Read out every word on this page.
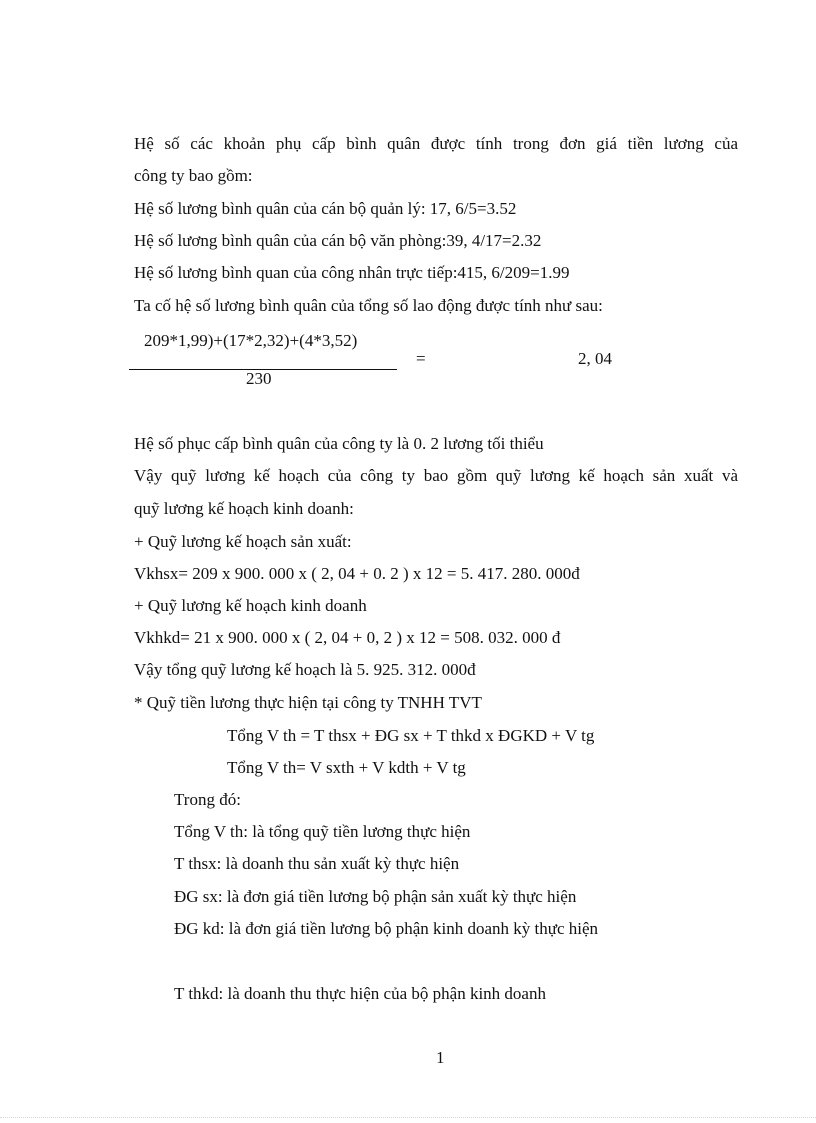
Hệ số các khoản phụ cấp bình quân được tính trong đơn giá tiền lương của
công ty bao gồm:
Hệ số lương bình quân của cán bộ quản lý: 17, 6/5=3.52
Hệ số lương bình quân của cán bộ văn phòng:39, 4/17=2.32
Hệ số lương bình quan của công nhân trực tiếp:415, 6/209=1.99
Ta cố hệ số lương bình quân của tổng số lao động được tính như sau:
209*1,99)+(17*2,32)+(4*3,52)
230
=	2, 04
Hệ số phục cấp bình quân của công ty là 0. 2 lương tối thiểu
Vậy quỹ lương kế hoạch của công ty bao gồm quỹ lương kế hoạch sản xuất và
quỹ lương kế hoạch kinh doanh:
+ Quỹ lương kế hoạch sản xuất:
Vkhsx= 209 x 900. 000 x ( 2, 04 + 0. 2 ) x 12 = 5. 417. 280. 000đ
+ Quỹ lương kế hoạch kinh doanh
Vkhkd= 21 x 900. 000 x ( 2, 04 + 0, 2 ) x 12 = 508. 032. 000 đ
Vậy tổng quỹ lương kế hoạch là 5. 925. 312. 000đ
* Quỹ tiền lương thực hiện tại công ty TNHH TVT
Tổng V th = T thsx + ĐG sx + T thkd x ĐGKD + V tg
Tổng V th= V sxth + V kdth + V tg
Trong đó:
Tổng V th: là tổng quỹ tiền lương thực hiện
T thsx: là doanh thu sản xuất kỳ thực hiện
ĐG sx: là đơn giá tiền lương bộ phận sản xuất kỳ thực hiện
ĐG kd: là đơn giá tiền lương bộ phận kinh doanh kỳ thực hiện
T thkd: là doanh thu thực hiện của bộ phận kinh doanh
1
